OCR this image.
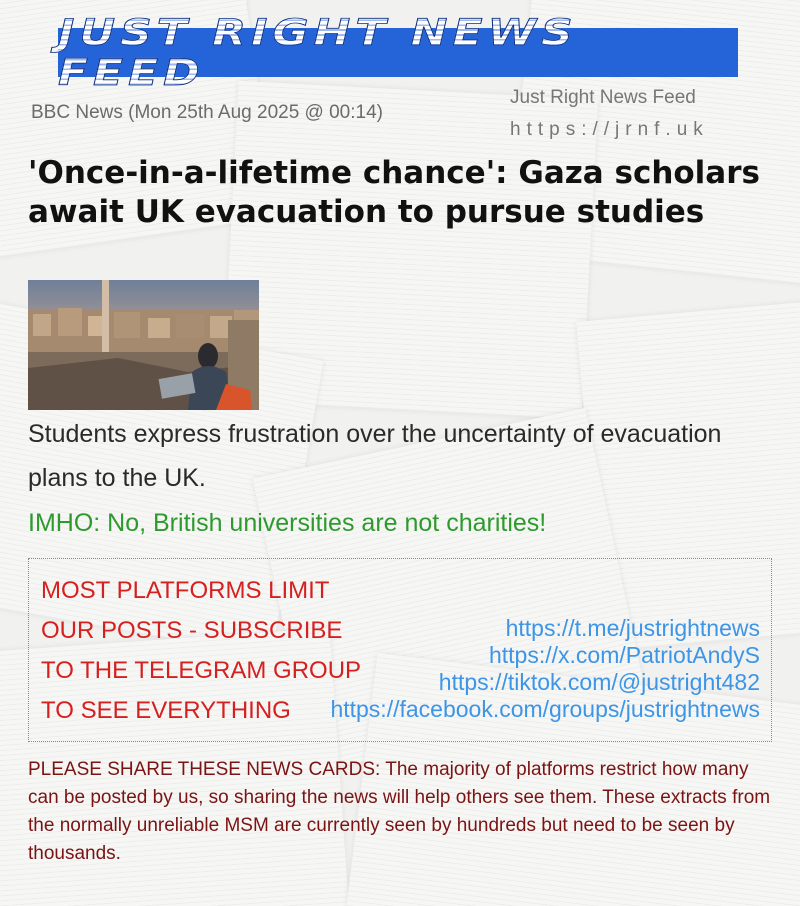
JUST RIGHT NEWS FEED
BBC News (Mon 25th Aug 2025 @ 00:14)
Just Right News Feed
https://jrnf.uk
'Once-in-a-lifetime chance': Gaza scholars await UK evacuation to pursue studies
Students express frustration over the uncertainty of evacuation plans to the UK.
IMHO: No, British universities are not charities!
MOST PLATFORMS LIMIT
OUR POSTS - SUBSCRIBE
TO THE TELEGRAM GROUP
TO SEE EVERYTHING
https://t.me/justrightnews
https://x.com/PatriotAndyS
https://tiktok.com/@justright482
https://facebook.com/groups/justrightnews
PLEASE SHARE THESE NEWS CARDS: The majority of platforms restrict how many can be posted by us, so sharing the news will help others see them. These extracts from the normally unreliable MSM are currently seen by hundreds but need to be seen by thousands.
